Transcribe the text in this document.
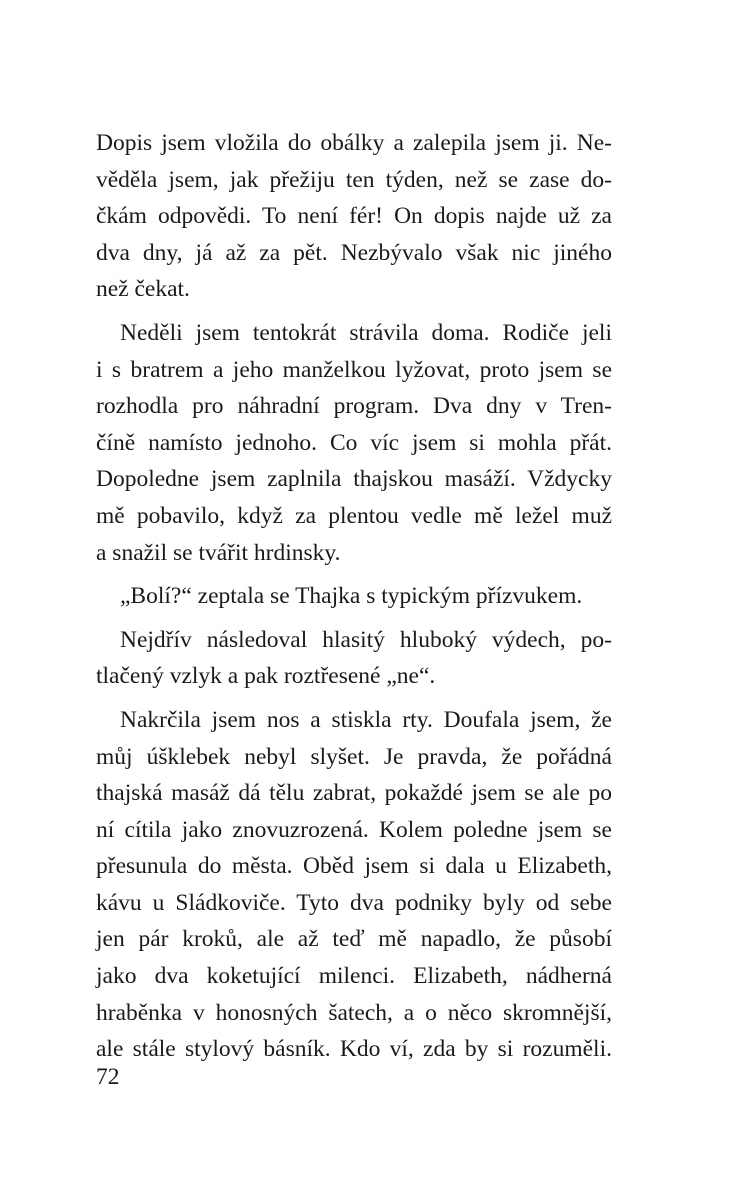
Dopis jsem vložila do obálky a zalepila jsem ji. Ne-
věděla jsem, jak přežiju ten týden, než se zase do-
čkám odpovědi. To není fér! On dopis najde už za
dva dny, já až za pět. Nezbývalo však nic jiného
než čekat.
Neděli jsem tentokrát strávila doma. Rodiče jeli
i s bratrem a jeho manželkou lyžovat, proto jsem se
rozhodla pro náhradní program. Dva dny v Tren-
číně namísto jednoho. Co víc jsem si mohla přát.
Dopoledne jsem zaplnila thajskou masáží. Vždycky
mě pobavilo, když za plentou vedle mě ležel muž
a snažil se tvářit hrdinsky.
„Bolí?“ zeptala se Thajka s typickým přízvukem.
Nejdřív následoval hlasitý hluboký výdech, po-
tlačený vzlyk a pak roztřesené „ne“.
Nakrčila jsem nos a stiskla rty. Doufala jsem, že
můj úšklebek nebyl slyšet. Je pravda, že pořádná
thajská masáž dá tělu zabrat, pokaždé jsem se ale po
ní cítila jako znovuzrozená. Kolem poledne jsem se
přesunula do města. Oběd jsem si dala u Elizabeth,
kávu u Sládkoviče. Tyto dva podniky byly od sebe
jen pár kroků, ale až teď mě napadlo, že působí
jako dva koketující milenci. Elizabeth, nádherná
hraběnka v honosných šatech, a o něco skromnější,
ale stále stylový básník. Kdo ví, zda by si rozuměli.
72
